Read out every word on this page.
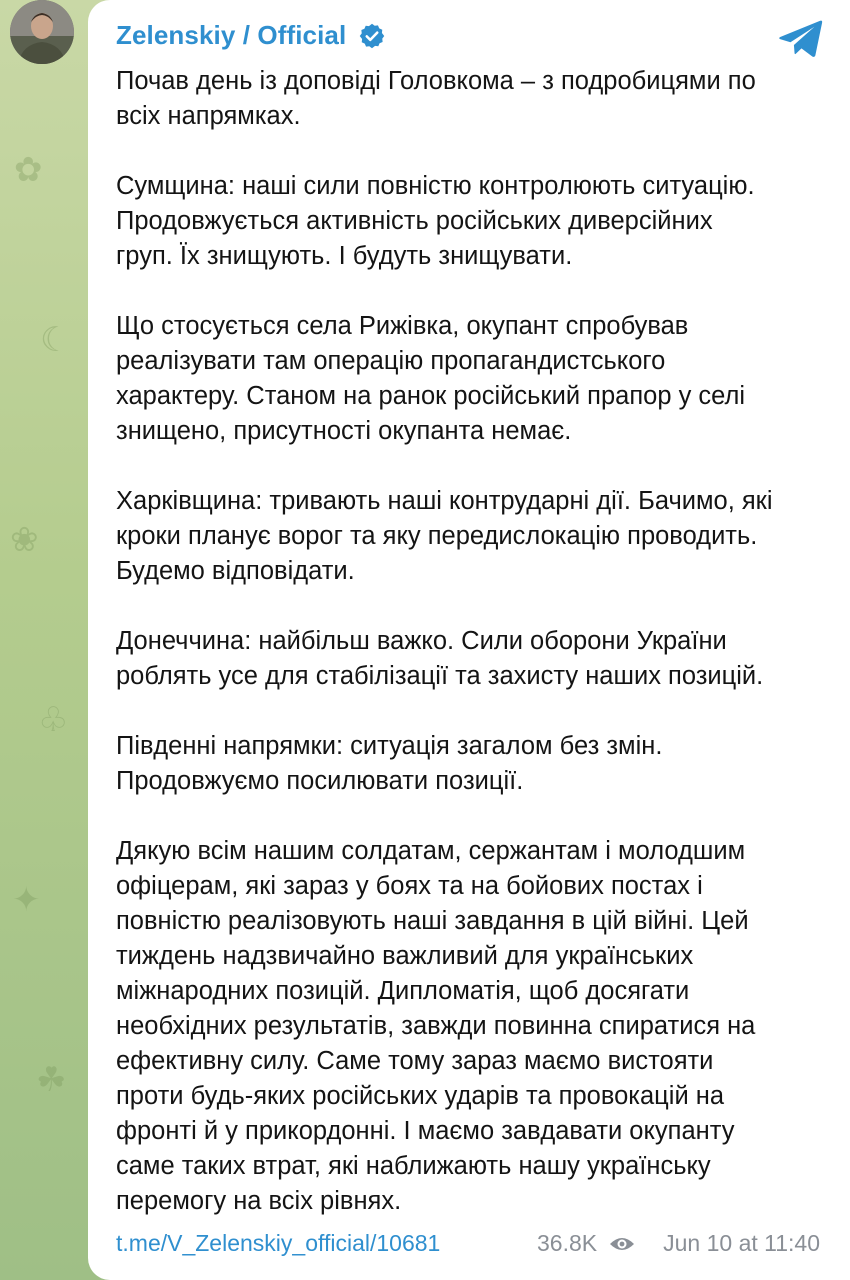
✿
☾
❀
♧
✦
☘
Zelenskiy / Official

Почав день із доповіді Головкома – з подробицями по
всіх напрямках.

Сумщина: наші сили повністю контролюють ситуацію.
Продовжується активність російських диверсійних
груп. Їх знищують. І будуть знищувати.

Що стосується села Рижівка, окупант спробував
реалізувати там операцію пропагандистського
характеру. Станом на ранок російський прапор у селі
знищено, присутності окупанта немає.

Харківщина: тривають наші контрударні дії. Бачимо, які
кроки планує ворог та яку передислокацію проводить.
Будемо відповідати.

Донеччина: найбільш важко. Сили оборони України
роблять усе для стабілізації та захисту наших позицій.

Південні напрямки: ситуація загалом без змін.
Продовжуємо посилювати позиції.

Дякую всім нашим солдатам, сержантам і молодшим
офіцерам, які зараз у боях та на бойових постах і
повністю реалізовують наші завдання в цій війні. Цей
тиждень надзвичайно важливий для українських
міжнародних позицій. Дипломатія, щоб досягати
необхідних результатів, завжди повинна спиратися на
ефективну силу. Саме тому зараз маємо вистояти
проти будь-яких російських ударів та провокацій на
фронті й у прикордонні. І маємо завдавати окупанту
саме таких втрат, які наближають нашу українську
перемогу на всіх рівнях.

t.me/V_Zelenskiy_official/10681	36.8K	Jun 10 at 11:40
